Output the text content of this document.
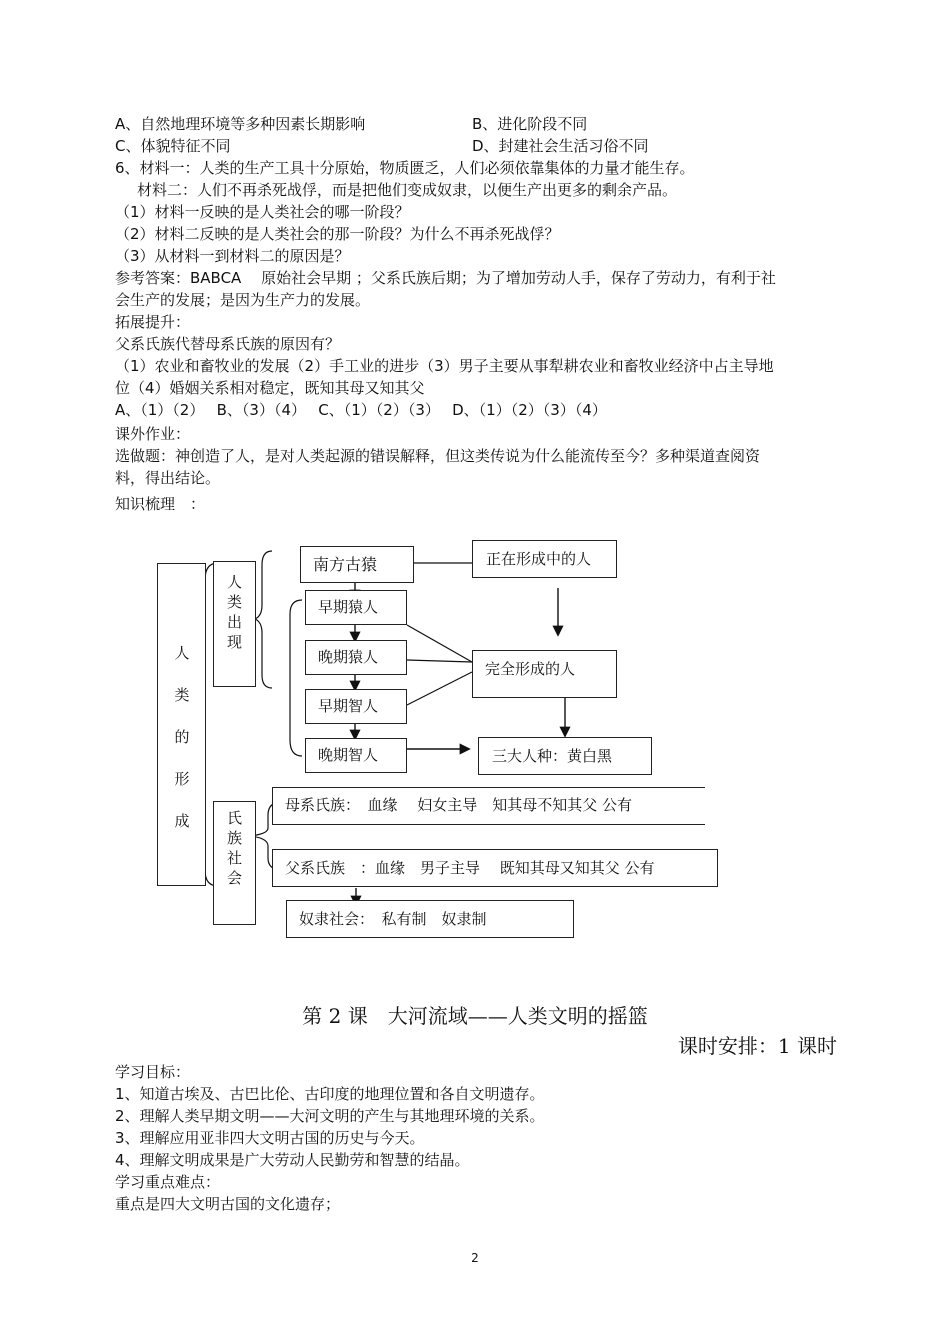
A、自然地理环境等多种因素长期影响	B、进化阶段不同
C、体貌特征不同	D、封建社会生活习俗不同
6、材料一：人类的生产工具十分原始，物质匮乏，人们必须依靠集体的力量才能生存。
材料二：人们不再杀死战俘，而是把他们变成奴隶，以便生产出更多的剩余产品。
（1）材料一反映的是人类社会的哪一阶段？
（2）材料二反映的是人类社会的那一阶段？为什么不再杀死战俘？
（3）从材料一到材料二的原因是？
参考答案：BABCA　 原始社会早期 ；父系氏族后期；为了增加劳动人手，保存了劳动力，有利于社
会生产的发展；是因为生产力的发展。
拓展提升：
父系氏族代替母系氏族的原因有？
（1）农业和畜牧业的发展（2）手工业的进步（3）男子主要从事犁耕农业和畜牧业经济中占主导地
位（4）婚姻关系相对稳定，既知其母又知其父
A、（1）（2）　 B、（3）（4）　 C、（1）（2）（3）　 D、（1）（2）（3）（4）
课外作业：
选做题：神创造了人，是对人类起源的错误解释，但这类传说为什么能流传至今？多种渠道查阅资
料，得出结论。
知识梳理　：
人
类
的
形
成
人
类
出
现
氏
族
社
会
南方古猿	正在形成中的人
早期猿人
晚期猿人
早期智人
晚期智人
完全形成的人
三大人种：黄白黑
母系氏族：　血缘　 妇女主导　知其母不知其父 公有
父系氏族　：血缘　男子主导　 既知其母又知其父 公有
奴隶社会：　私有制　奴隶制
第 2 课　大河流域——人类文明的摇篮
课时安排：1 课时
学习目标：
1、知道古埃及、古巴比伦、古印度的地理位置和各自文明遗存。
2、理解人类早期文明——大河文明的产生与其地理环境的关系。
3、理解应用亚非四大文明古国的历史与今天。
4、理解文明成果是广大劳动人民勤劳和智慧的结晶。
学习重点难点：
重点是四大文明古国的文化遗存；
2
